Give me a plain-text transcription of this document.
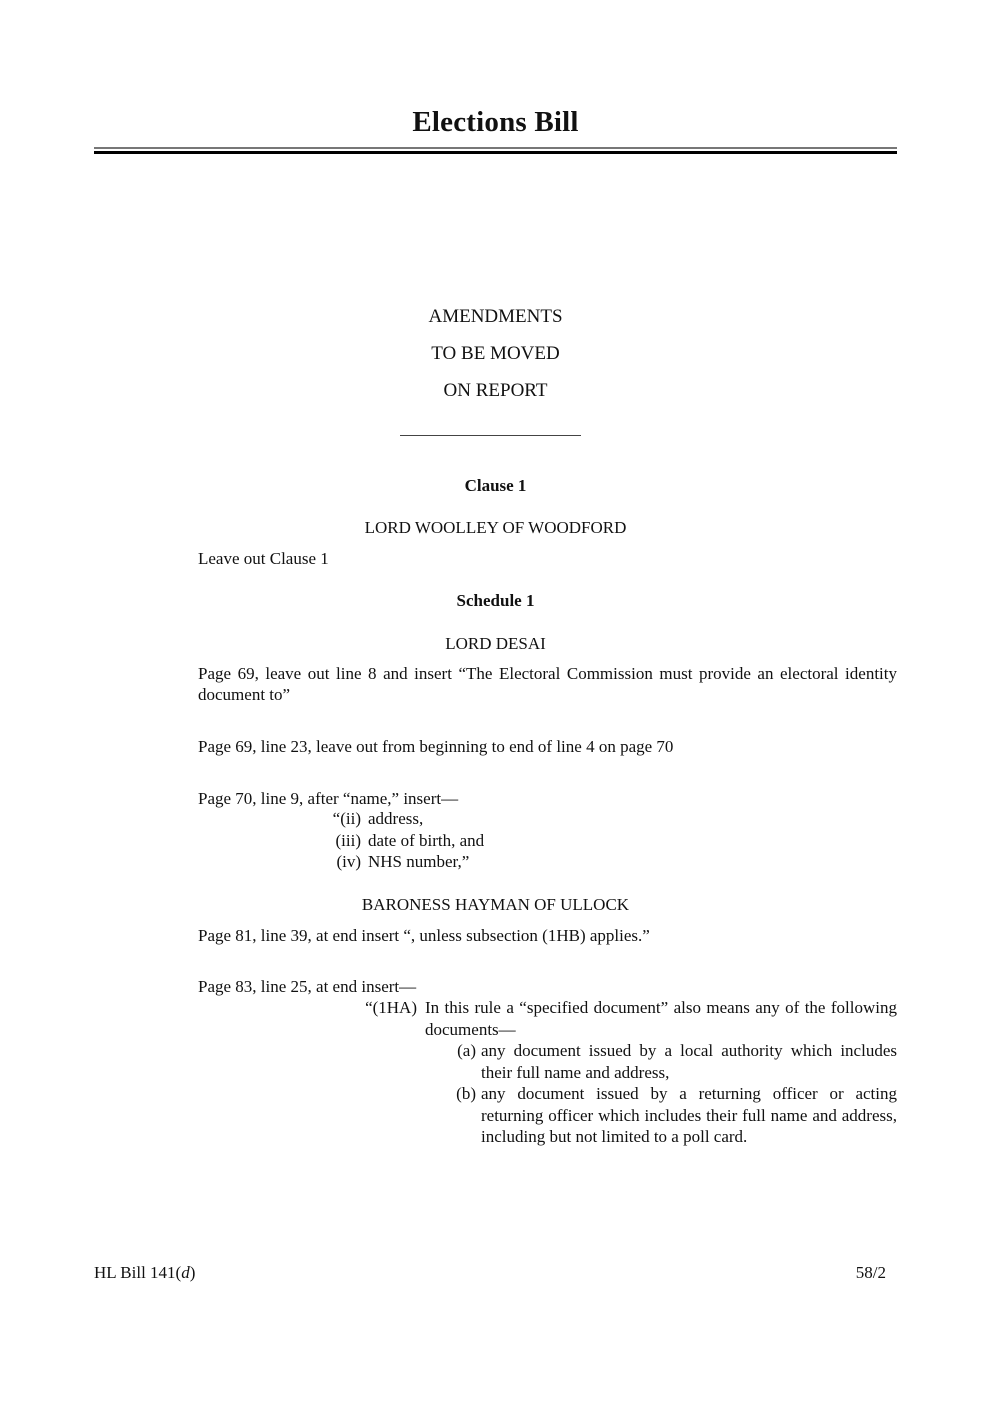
Elections Bill
AMENDMENTS
TO BE MOVED
ON REPORT
Clause 1
LORD WOOLLEY OF WOODFORD
Leave out Clause 1
Schedule 1
LORD DESAI
Page 69, leave out line 8 and insert “The Electoral Commission must provide an electoral identity document to”
Page 69, line 23, leave out from beginning to end of line 4 on page 70
Page 70, line 9, after “name,” insert—
“(ii) address,
(iii) date of birth, and
(iv) NHS number,”
BARONESS HAYMAN OF ULLOCK
Page 81, line 39, at end insert “, unless subsection (1HB) applies.”
Page 83, line 25, at end insert—
“(1HA) In this rule a “specified document” also means any of the following documents—
(a) any document issued by a local authority which includes their full name and address,
(b) any document issued by a returning officer or acting returning officer which includes their full name and address, including but not limited to a poll card.
HL Bill 141(d)	58/2
